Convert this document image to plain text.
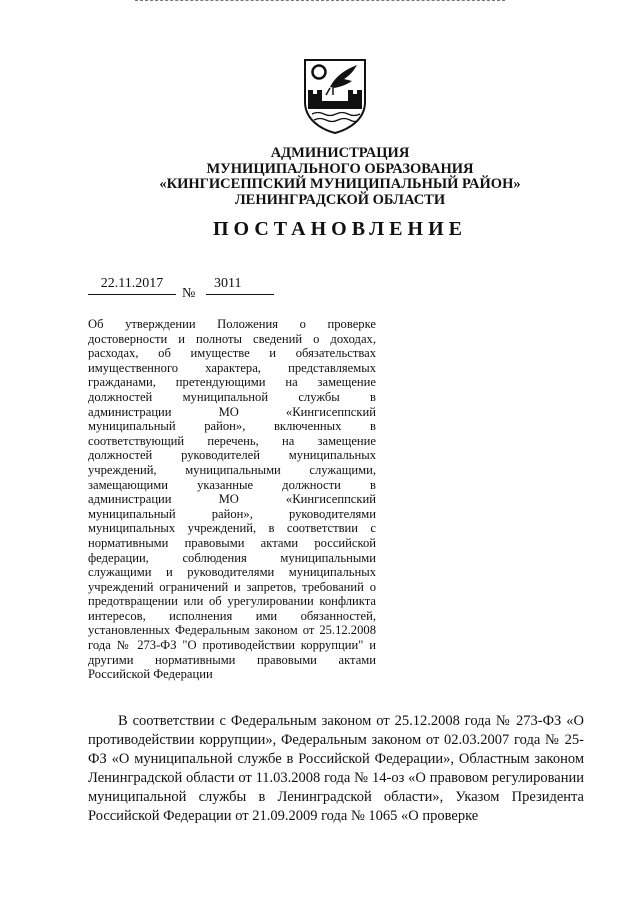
АДМИНИСТРАЦИЯ
МУНИЦИПАЛЬНОГО ОБРАЗОВАНИЯ
«КИНГИСЕППСКИЙ МУНИЦИПАЛЬНЫЙ РАЙОН»
ЛЕНИНГРАДСКОЙ ОБЛАСТИ
ПОСТАНОВЛЕНИЕ
22.11.2017
№
3011
Об утверждении Положения о проверке достоверности и полноты сведений о доходах, расходах, об имуществе и обязательствах имущественного характера, представляемых гражданами, претендующими на замещение должностей муниципальной службы в администрации МО «Кингисеппский муниципальный район», включенных в соответствующий перечень, на замещение должностей руководителей муниципальных учреждений, муниципальными служащими, замещающими указанные должности в администрации МО «Кингисеппский муниципальный район», руководителями муниципальных учреждений, в соответствии с нормативными правовыми актами российской федерации, соблюдения муниципальными служащими и руководителями муниципальных учреждений ограничений и запретов, требований о предотвращении или об урегулировании конфликта интересов, исполнения ими обязанностей, установленных Федеральным законом от 25.12.2008 года № 273-ФЗ "О противодействии коррупции" и другими нормативными правовыми актами Российской Федерации
В соответствии с Федеральным законом от 25.12.2008 года № 273-ФЗ «О противодействии коррупции», Федеральным законом от 02.03.2007 года № 25-ФЗ «О муниципальной службе в Российской Федерации», Областным законом Ленинградской области от 11.03.2008 года № 14-оз «О правовом регулировании муниципальной службы в Ленинградской области», Указом Президента Российской Федерации от 21.09.2009 года № 1065 «О проверке
